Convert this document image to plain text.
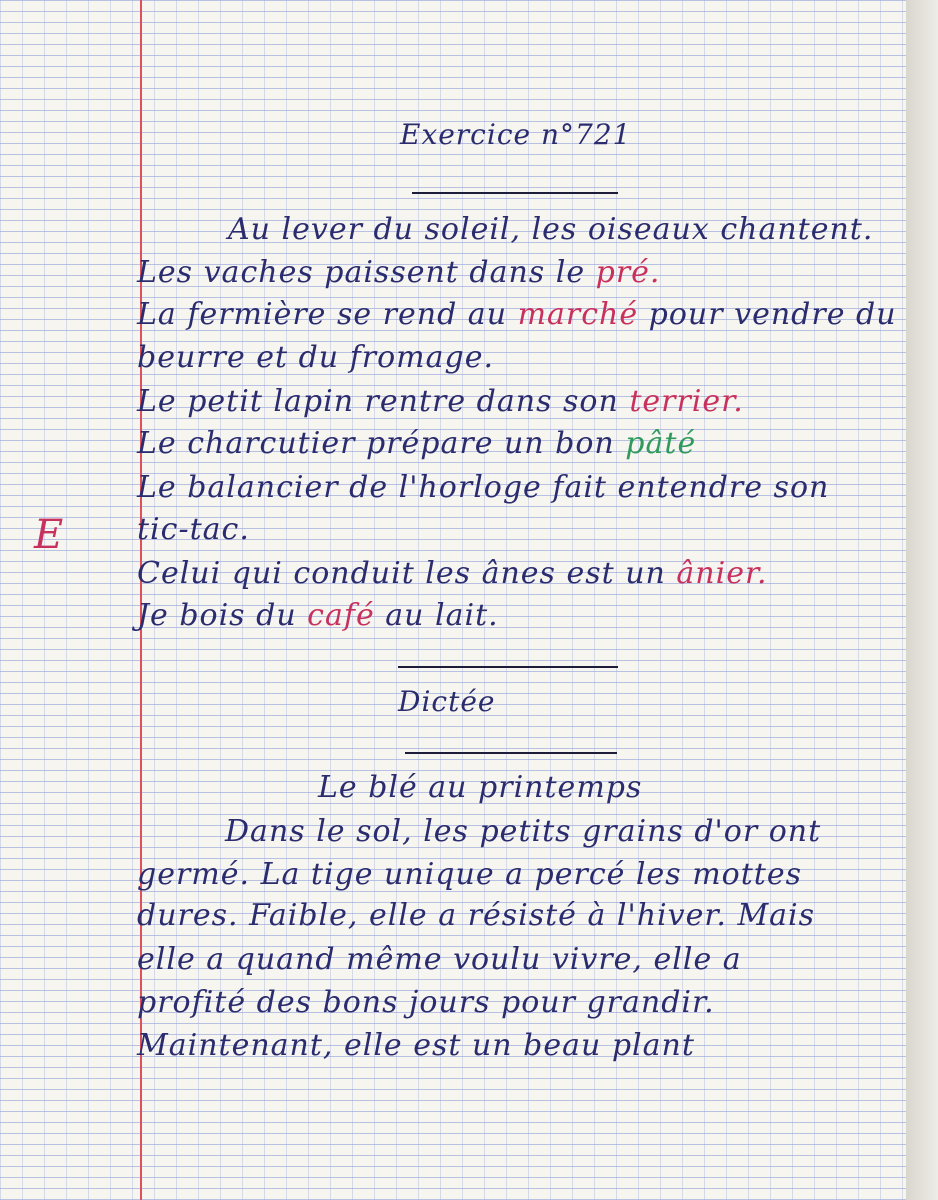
Exercice n°721
Au lever du soleil, les oiseaux chantent.
Les vaches paissent dans le pré.
La fermière se rend au marché pour vendre du
beurre et du fromage.
Le petit lapin rentre dans son terrier.
Le charcutier prépare un bon pâté
Le balancier de l'horloge fait entendre son
tic-tac.
Celui qui conduit les ânes est un ânier.
Je bois du café au lait.
E
Dictée
Le blé au printemps
Dans le sol, les petits grains d'or ont
germé. La tige unique a percé les mottes
dures. Faible, elle a résisté à l'hiver. Mais
elle a quand même voulu vivre, elle a
profité des bons jours pour grandir.
Maintenant, elle est un beau plant
